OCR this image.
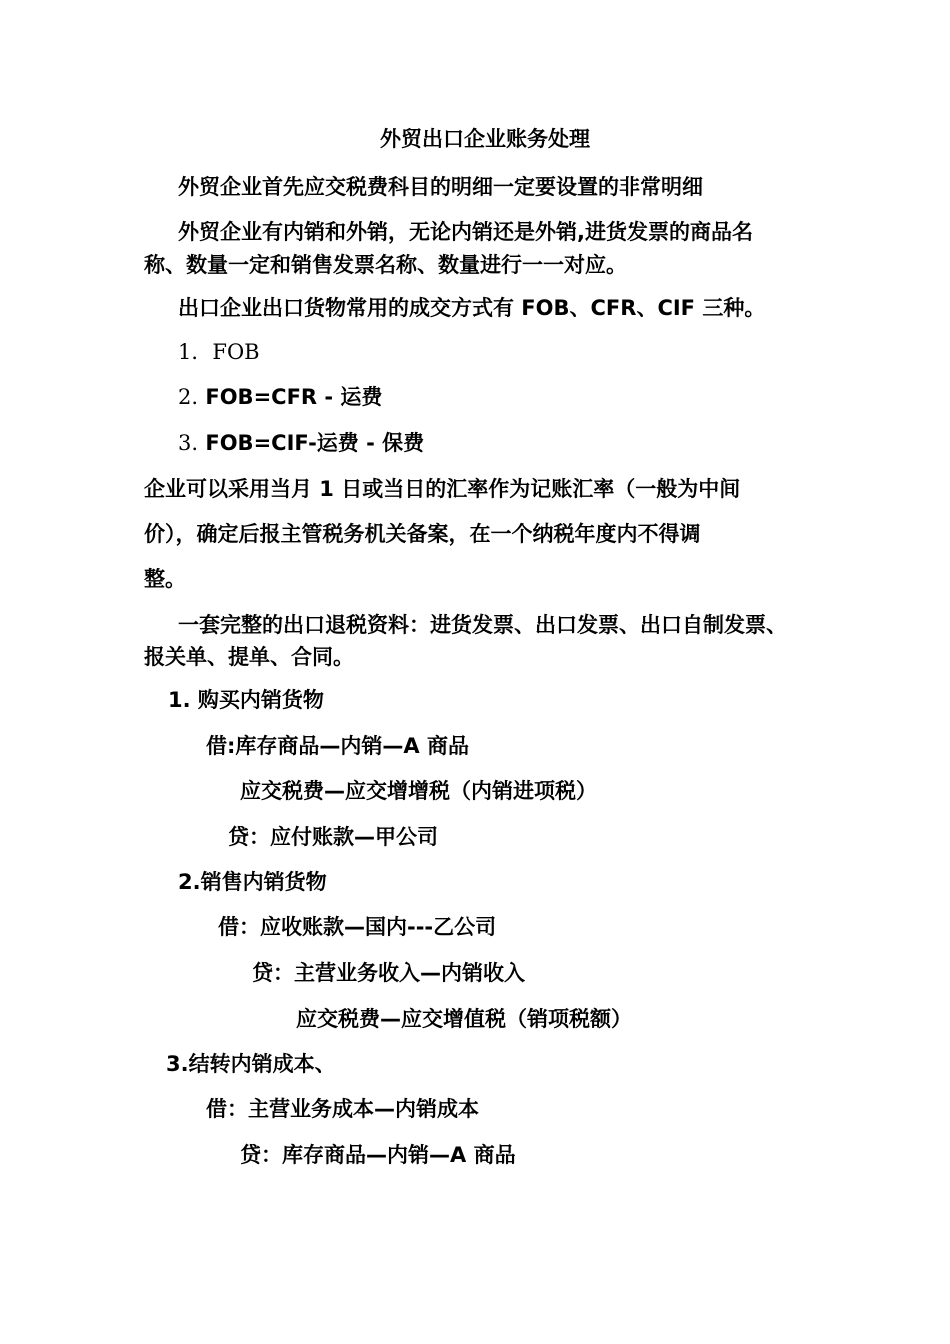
外贸出口企业账务处理
外贸企业首先应交税费科目的明细一定要设置的非常明细
外贸企业有内销和外销，无论内销还是外销,进货发票的商品名
称、数量一定和销售发票名称、数量进行一一对应。
出口企业出口货物常用的成交方式有 FOB、CFR、CIF 三种。
1．FOB
2. FOB=CFR - 运费
3. FOB=CIF-运费 - 保费
企业可以采用当月 1 日或当日的汇率作为记账汇率（一般为中间
价），确定后报主管税务机关备案，在一个纳税年度内不得调
整。
一套完整的出口退税资料：进货发票、出口发票、出口自制发票、
报关单、提单、合同。
1. 购买内销货物
借:库存商品—内销—A 商品
应交税费—应交增增税（内销进项税）
贷：应付账款—甲公司
2.销售内销货物
借：应收账款—国内---乙公司
贷：主营业务收入—内销收入
应交税费—应交增值税（销项税额）
3.结转内销成本、
借：主营业务成本—内销成本
贷：库存商品—内销—A 商品
